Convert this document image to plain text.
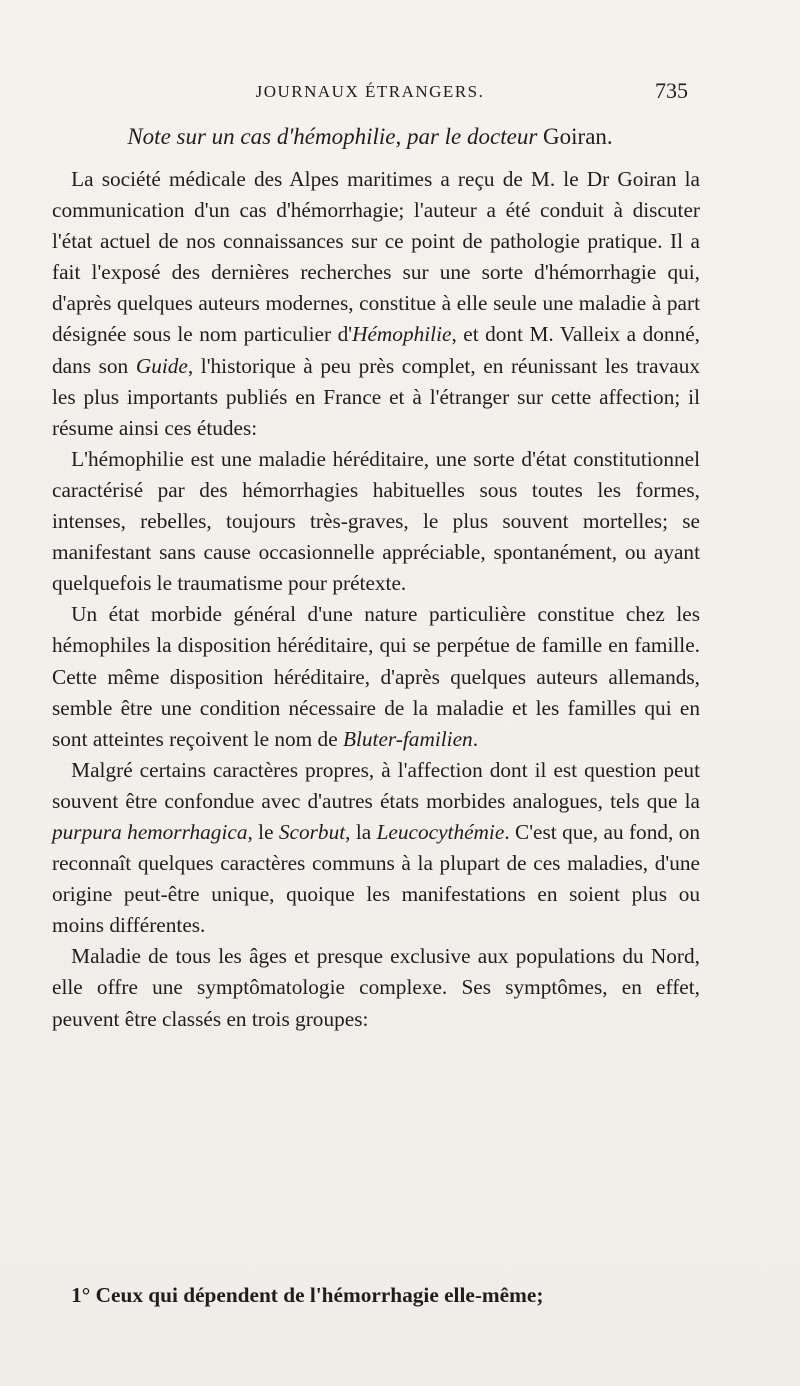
JOURNAUX ÉTRANGERS.	735
Note sur un cas d'hémophilie, par le docteur Goiran.

La société médicale des Alpes maritimes a reçu de M. le Dr Goiran la communication d'un cas d'hémorrhagie; l'auteur a été conduit à discuter l'état actuel de nos connaissances sur ce point de pathologie pratique. Il a fait l'exposé des dernières recherches sur une sorte d'hémorrhagie qui, d'après quelques auteurs modernes, constitue à elle seule une maladie à part désignée sous le nom particulier d'Hémophilie, et dont M. Valleix a donné, dans son Guide, l'historique à peu près complet, en réunissant les travaux les plus importants publiés en France et à l'étranger sur cette affection; il résume ainsi ces études:

L'hémophilie est une maladie héréditaire, une sorte d'état constitutionnel caractérisé par des hémorrhagies habituelles sous toutes les formes, intenses, rebelles, toujours très-graves, le plus souvent mortelles; se manifestant sans cause occasionnelle appréciable, spontanément, ou ayant quelquefois le traumatisme pour prétexte.

Un état morbide général d'une nature particulière constitue chez les hémophiles la disposition héréditaire, qui se perpétue de famille en famille. Cette même disposition héréditaire, d'après quelques auteurs allemands, semble être une condition nécessaire de la maladie et les familles qui en sont atteintes reçoivent le nom de Bluter-familien.

Malgré certains caractères propres, à l'affection dont il est question peut souvent être confondue avec d'autres états morbides analogues, tels que la purpura hemorrhagica, le Scorbut, la Leucocythémie. C'est que, au fond, on reconnaît quelques caractères communs à la plupart de ces maladies, d'une origine peut-être unique, quoique les manifestations en soient plus ou moins différentes.

Maladie de tous les âges et presque exclusive aux populations du Nord, elle offre une symptômatologie complexe. Ses symptômes, en effet, peuvent être classés en trois groupes:

1° Ceux qui dépendent de l'hémorrhagie elle-même;
